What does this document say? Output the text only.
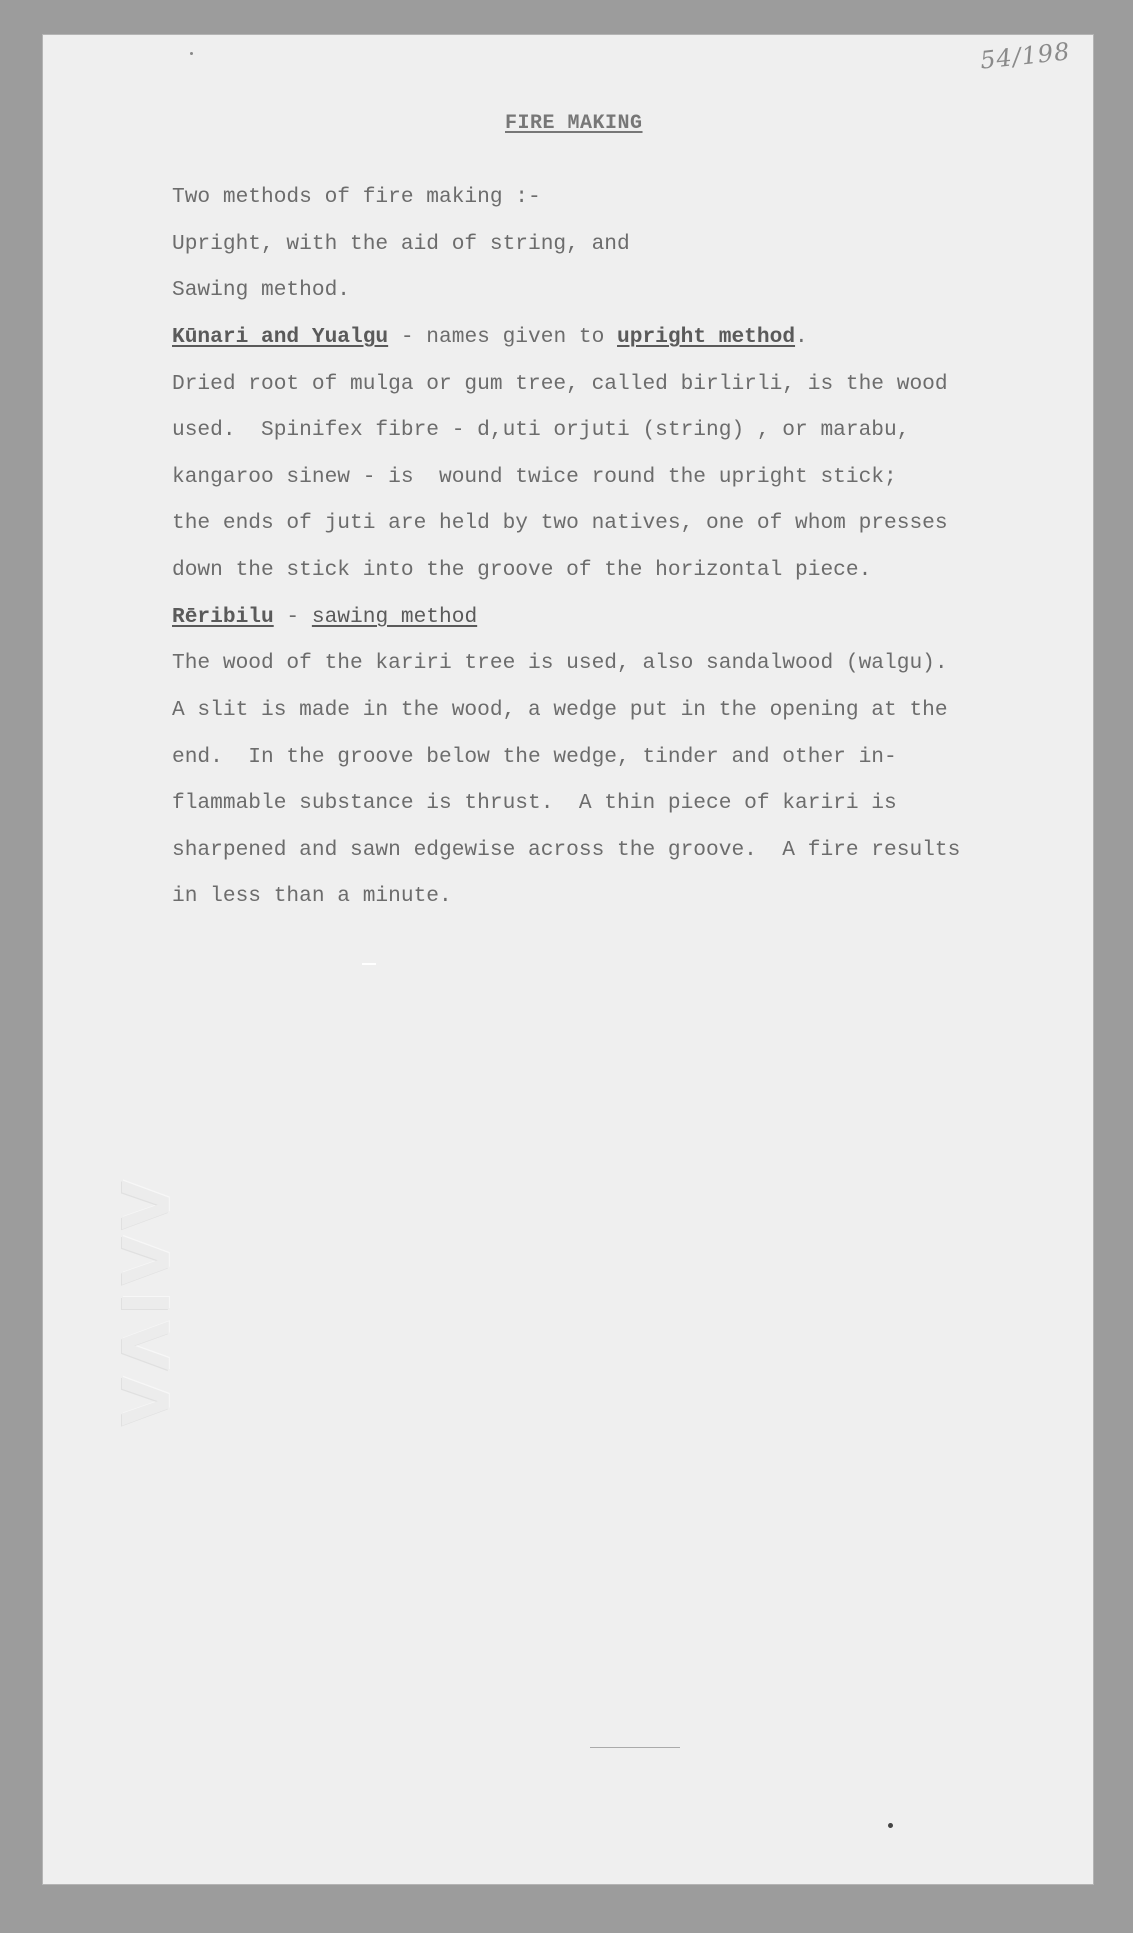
54/198
FIRE MAKING
Two methods of fire making :-
Upright, with the aid of string, and
Sawing method.
Kūnari and Yualgu - names given to upright method.
Dried root of mulga or gum tree, called birlirli, is the wood
used.  Spinifex fibre - d,uti orjuti (string) , or marabu,
kangaroo sinew - is  wound twice round the upright stick;
the ends of juti are held by two natives, one of whom presses
down the stick into the groove of the horizontal piece.
Rēribilu - sawing method
The wood of the kariri tree is used, also sandalwood (walgu).
A slit is made in the wood, a wedge put in the opening at the
end.  In the groove below the wedge, tinder and other in-
flammable substance is thrust.  A thin piece of kariri is
sharpened and sawn edgewise across the groove.  A fire results
in less than a minute.
ΛΛIVΛ
